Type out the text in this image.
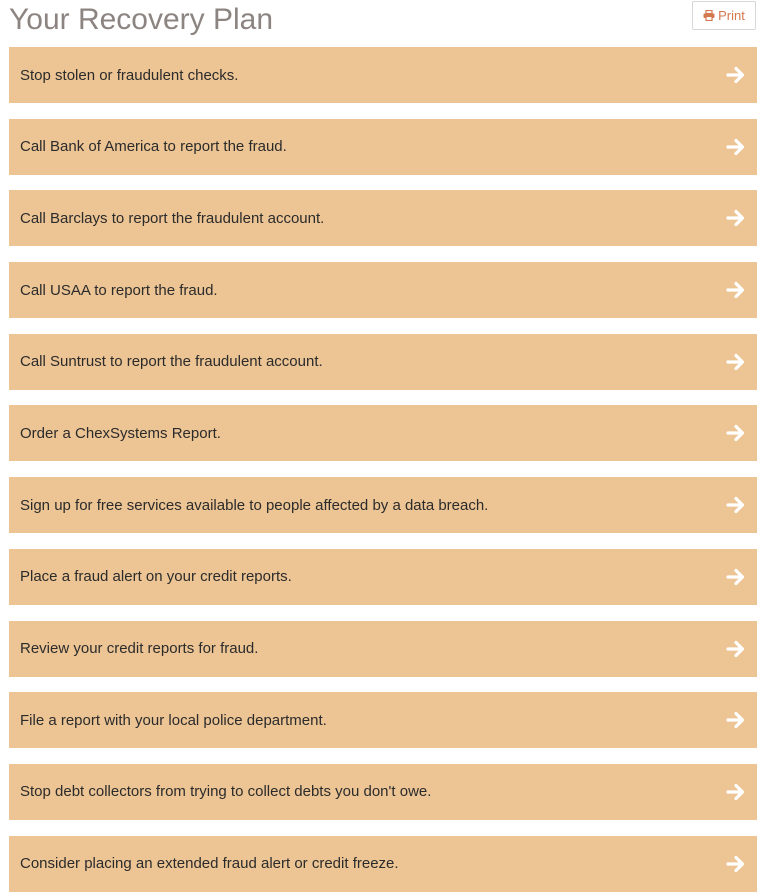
Your Recovery Plan	Print
Stop stolen or fraudulent checks.
Call Bank of America to report the fraud.
Call Barclays to report the fraudulent account.
Call USAA to report the fraud.
Call Suntrust to report the fraudulent account.
Order a ChexSystems Report.
Sign up for free services available to people affected by a data breach.
Place a fraud alert on your credit reports.
Review your credit reports for fraud.
File a report with your local police department.
Stop debt collectors from trying to collect debts you don't owe.
Consider placing an extended fraud alert or credit freeze.
